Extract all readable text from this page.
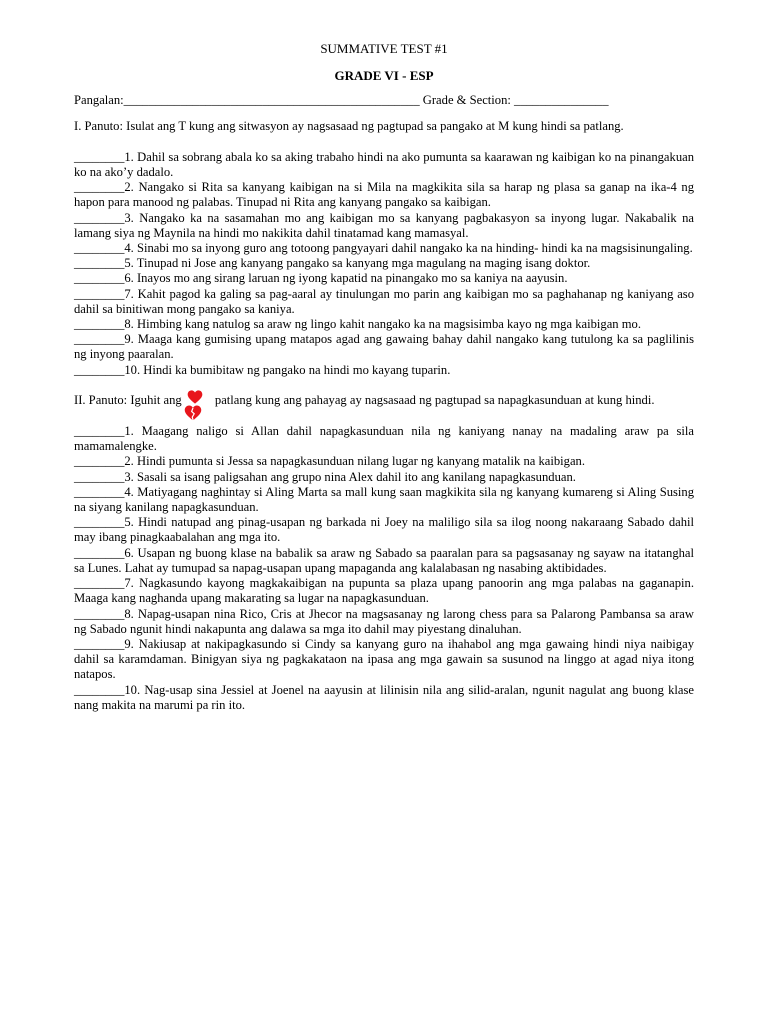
SUMMATIVE TEST #1

GRADE VI - ESP

Pangalan:_______________________________________________ Grade & Section: _______________

I. Panuto: Isulat ang T kung ang sitwasyon ay nagsasaad ng pagtupad sa pangako at M kung hindi sa patlang.

________1. Dahil sa sobrang abala ko sa aking trabaho hindi na ako pumunta sa kaarawan ng kaibigan ko na pinangakuan ko na ako’y dadalo.

________2. Nangako si Rita sa kanyang kaibigan na si Mila na magkikita sila sa harap ng plasa sa ganap na ika-4 ng hapon para manood ng palabas. Tinupad ni Rita ang kanyang pangako sa kaibigan.

________3. Nangako ka na sasamahan mo ang kaibigan mo sa kanyang pagbakasyon sa inyong lugar. Nakabalik na lamang siya ng Maynila na hindi mo nakikita dahil tinatamad kang mamasyal.

________4. Sinabi mo sa inyong guro ang totoong pangyayari dahil nangako ka na hinding- hindi ka na magsisinungaling.

________5. Tinupad ni Jose ang kanyang pangako sa kanyang mga magulang na maging isang doktor.

________6. Inayos mo ang sirang laruan ng iyong kapatid na pinangako mo sa kaniya na aayusin.

________7. Kahit pagod ka galing sa pag-aaral ay tinulungan mo parin ang kaibigan mo sa paghahanap ng kaniyang aso dahil sa binitiwan mong pangako sa kaniya.

________8. Himbing kang natulog sa araw ng lingo kahit nangako ka na magsisimba kayo ng mga kaibigan mo.

________9. Maaga kang gumising upang matapos agad ang gawaing bahay dahil nangako kang tutulong ka sa paglilinis ng inyong paaralan.

________10. Hindi ka bumibitaw ng pangako na hindi mo kayang tuparin.

II. Panuto: Iguhit ang	patlang kung ang pahayag ay nagsasaad ng pagtupad sa napagkasunduan at kung hindi.

________1. Maagang naligo si Allan dahil napagkasunduan nila ng kaniyang nanay na madaling araw pa sila mamamalengke.

________2. Hindi pumunta si Jessa sa napagkasunduan nilang lugar ng kanyang matalik na kaibigan.

________3. Sasali sa isang paligsahan ang grupo nina Alex dahil ito ang kanilang napagkasunduan.

________4. Matiyagang naghintay si Aling Marta sa mall kung saan magkikita sila ng kanyang kumareng si Aling Susing na siyang kanilang napagkasunduan.

________5. Hindi natupad ang pinag-usapan ng barkada ni Joey na maliligo sila sa ilog noong nakaraang Sabado dahil may ibang pinagkaabalahan ang mga ito.

________6. Usapan ng buong klase na babalik sa araw ng Sabado sa paaralan para sa pagsasanay ng sayaw na itatanghal sa Lunes. Lahat ay tumupad sa napag-usapan upang mapaganda ang kalalabasan ng nasabing aktibidades.

________7. Nagkasundo kayong magkakaibigan na pupunta sa plaza upang panoorin ang mga palabas na gaganapin. Maaga kang naghanda upang makarating sa lugar na napagkasunduan.

________8. Napag-usapan nina Rico, Cris at Jhecor na magsasanay ng larong chess para sa Palarong Pambansa sa araw ng Sabado ngunit hindi nakapunta ang dalawa sa mga ito dahil may piyestang dinaluhan.

________9. Nakiusap at nakipagkasundo si Cindy sa kanyang guro na ihahabol ang mga gawaing hindi niya naibigay dahil sa karamdaman. Binigyan siya ng pagkakataon na ipasa ang mga gawain sa susunod na linggo at agad niya itong natapos.

________10. Nag-usap sina Jessiel at Joenel na aayusin at lilinisin nila ang silid-aralan, ngunit nagulat ang buong klase nang makita na marumi pa rin ito.
